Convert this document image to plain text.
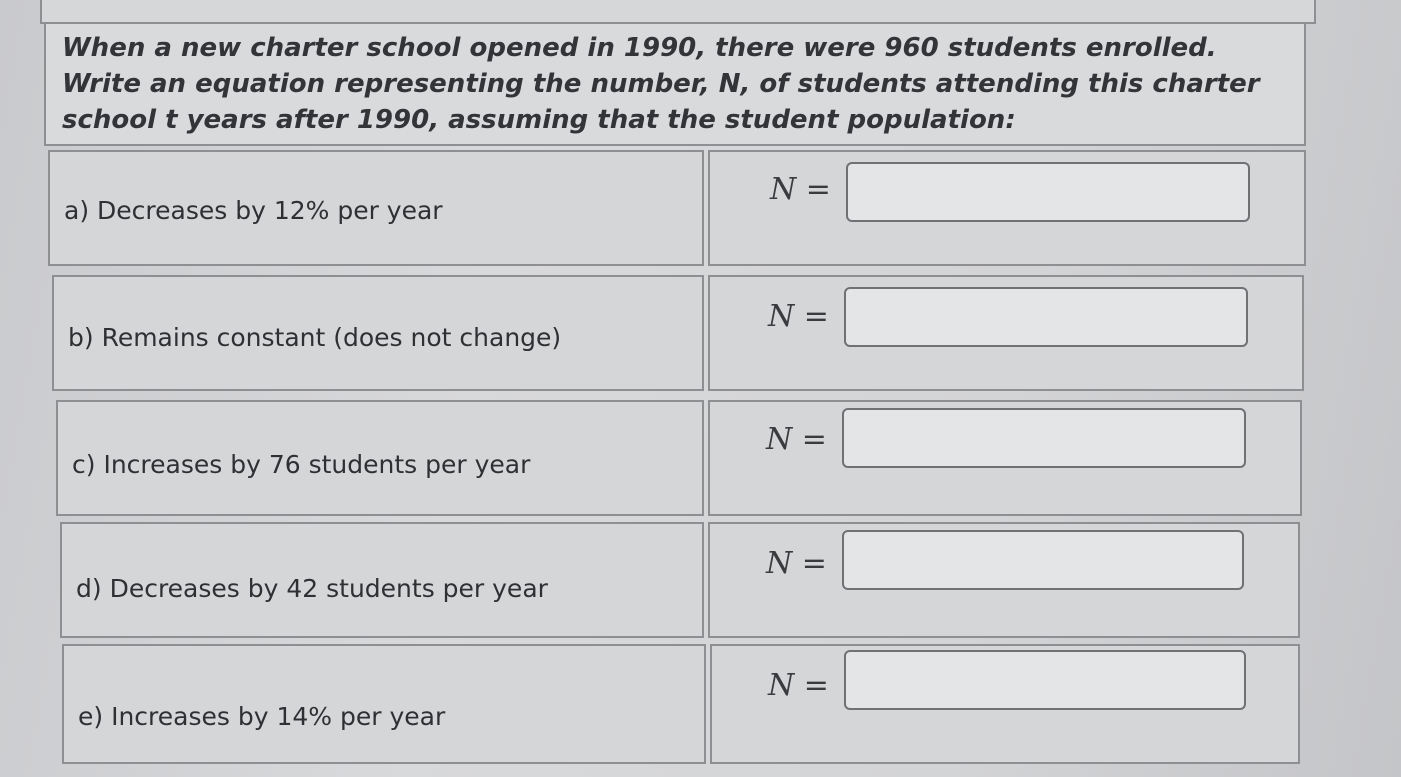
When a new charter school opened in 1990, there were 960 students enrolled. Write an equation representing the number, N, of students attending this charter school t years after 1990, assuming that the student population:

a) Decreases by 12% per year
N =
b) Remains constant (does not change)
N =
c) Increases by 76 students per year
N =
d) Decreases by 42 students per year
N =
e) Increases by 14% per year
N =
